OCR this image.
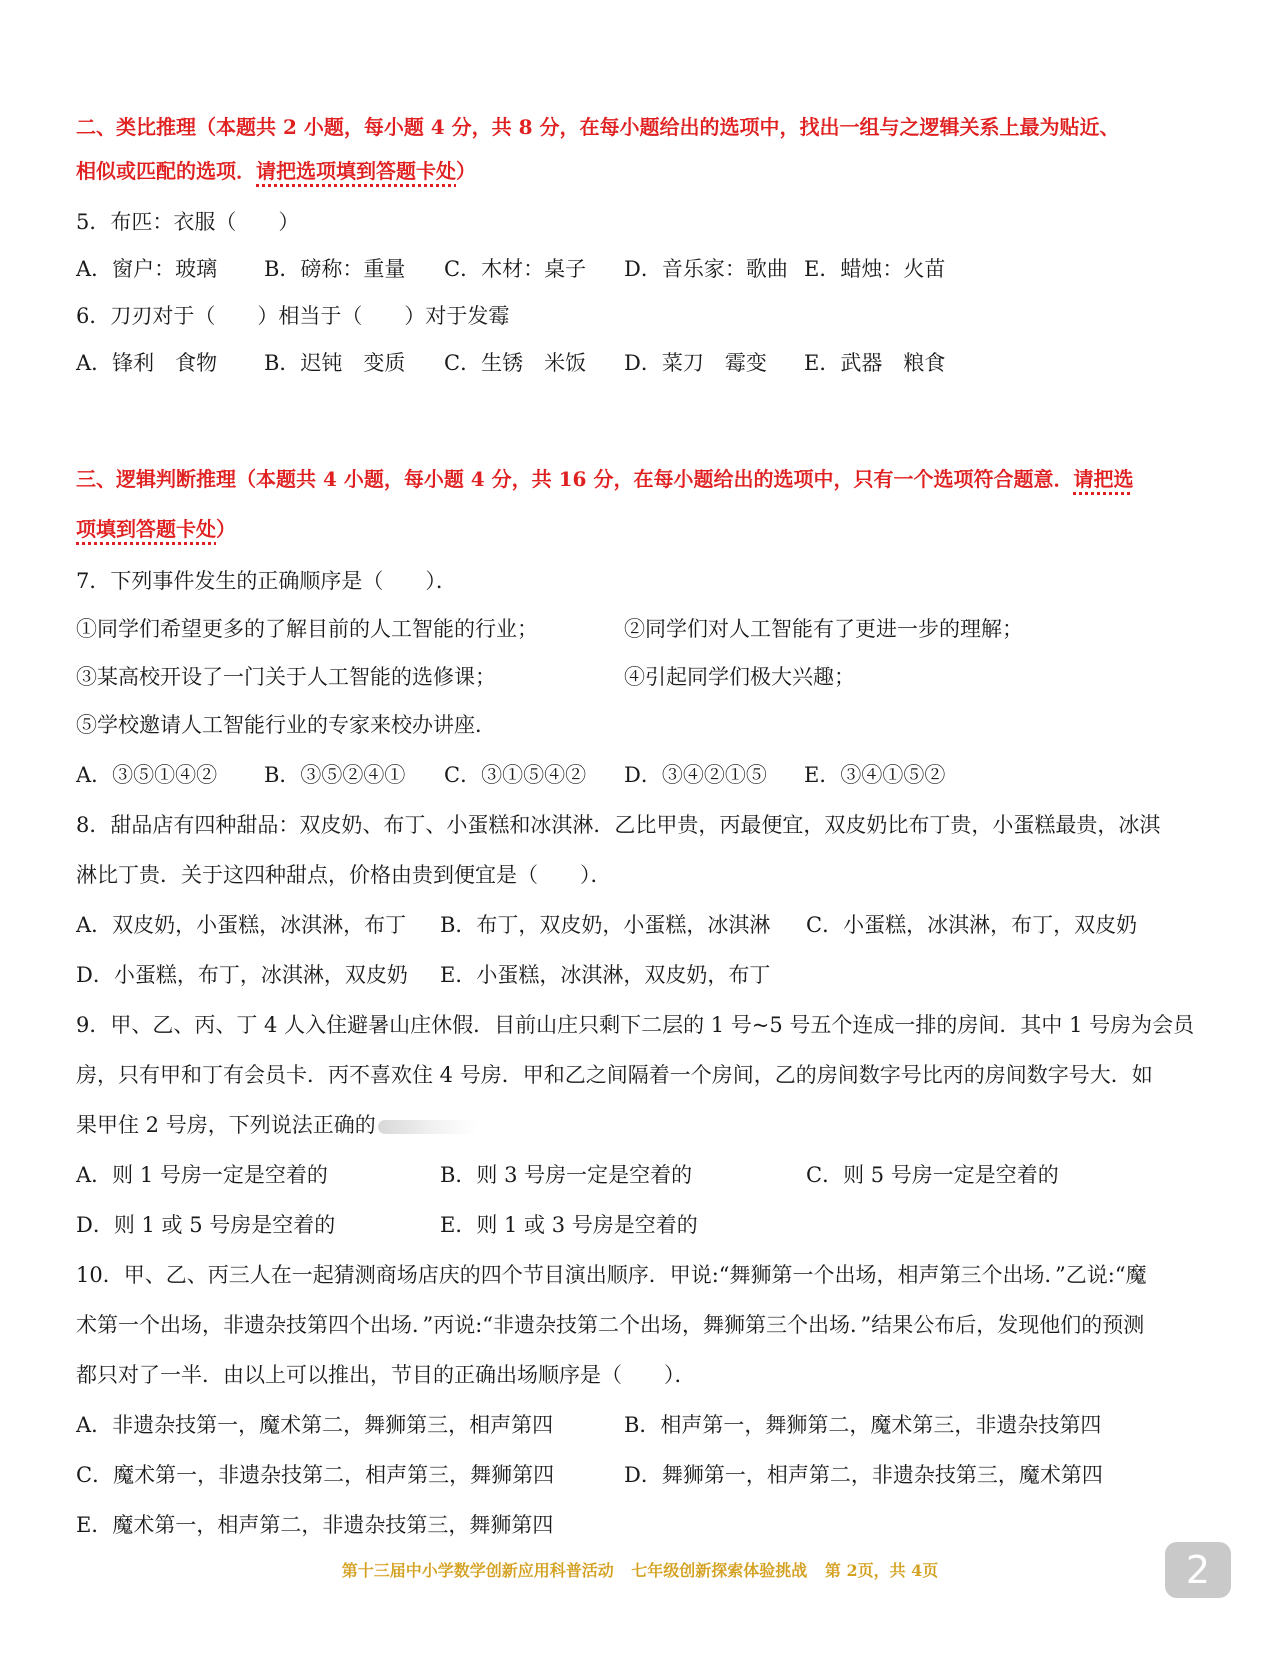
二、类比推理（本题共 2 小题，每小题 4 分，共 8 分，在每小题给出的选项中，找出一组与之逻辑关系上最为贴近、
相似或匹配的选项．请把选项填到答题卡处）
5．布匹：衣服（　　）
A．窗户：玻璃 B．磅称：重量 C．木材：桌子 D．音乐家：歌曲 E．蜡烛：火苗
6．刀刃对于（　　）相当于（　　）对于发霉
A．锋利　食物 B．迟钝　变质 C．生锈　米饭 D．菜刀　霉变 E．武器　粮食
三、逻辑判断推理（本题共 4 小题，每小题 4 分，共 16 分，在每小题给出的选项中，只有一个选项符合题意．请把选
项填到答题卡处）
7．下列事件发生的正确顺序是（　　）．
①同学们希望更多的了解目前的人工智能的行业；	②同学们对人工智能有了更进一步的理解；
③某高校开设了一门关于人工智能的选修课；	④引起同学们极大兴趣；
⑤学校邀请人工智能行业的专家来校办讲座．
A．③⑤①④② B．③⑤②④① C．③①⑤④② D．③④②①⑤ E．③④①⑤②
8．甜品店有四种甜品：双皮奶、布丁、小蛋糕和冰淇淋．乙比甲贵，丙最便宜，双皮奶比布丁贵，小蛋糕最贵，冰淇
淋比丁贵．关于这四种甜点，价格由贵到便宜是（　　）．
A．双皮奶，小蛋糕，冰淇淋，布丁 B．布丁，双皮奶，小蛋糕，冰淇淋 C．小蛋糕，冰淇淋，布丁，双皮奶
D．小蛋糕，布丁，冰淇淋，双皮奶 E．小蛋糕，冰淇淋，双皮奶，布丁
9．甲、乙、丙、丁 4 人入住避暑山庄休假．目前山庄只剩下二层的 1 号~5 号五个连成一排的房间．其中 1 号房为会员
房，只有甲和丁有会员卡．丙不喜欢住 4 号房．甲和乙之间隔着一个房间，乙的房间数字号比丙的房间数字号大．如
果甲住 2 号房，下列说法正确的
A．则 1 号房一定是空着的	B．则 3 号房一定是空着的	C．则 5 号房一定是空着的
D．则 1 或 5 号房是空着的	E．则 1 或 3 号房是空着的
10．甲、乙、丙三人在一起猜测商场店庆的四个节目演出顺序．甲说:“舞狮第一个出场，相声第三个出场．”乙说:“魔
术第一个出场，非遗杂技第四个出场．”丙说:“非遗杂技第二个出场，舞狮第三个出场．”结果公布后，发现他们的预测
都只对了一半．由以上可以推出，节目的正确出场顺序是（　　）．
A．非遗杂技第一，魔术第二，舞狮第三，相声第四	B．相声第一，舞狮第二，魔术第三，非遗杂技第四
C．魔术第一，非遗杂技第二，相声第三，舞狮第四	D．舞狮第一，相声第二，非遗杂技第三，魔术第四
E．魔术第一，相声第二，非遗杂技第三，舞狮第四
第十三届中小学数学创新应用科普活动 七年级创新探索体验挑战 第 2页，共 4页	2
